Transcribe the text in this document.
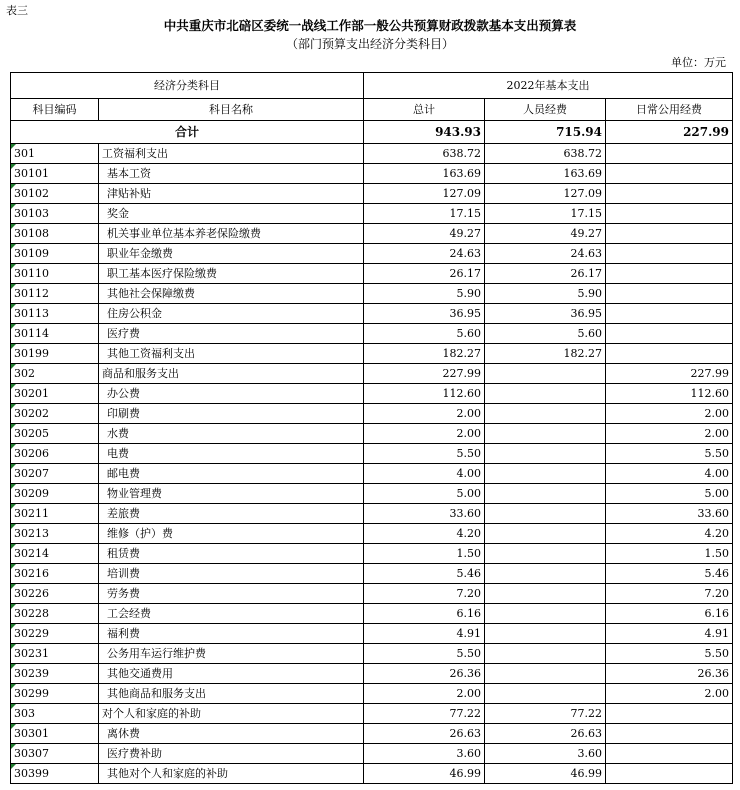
表三
中共重庆市北碚区委统一战线工作部一般公共预算财政拨款基本支出预算表
（部门预算支出经济分类科目）
单位：万元
经济分类科目		2022年基本支出		
科目编码	科目名称	总计	人员经费	日常公用经费
合计		943.93	715.94	227.99
301	工资福利支出	638.72	638.72	
30101	基本工资	163.69	163.69	
30102	津贴补贴	127.09	127.09	
30103	奖金	17.15	17.15	
30108	机关事业单位基本养老保险缴费	49.27	49.27	
30109	职业年金缴费	24.63	24.63	
30110	职工基本医疗保险缴费	26.17	26.17	
30112	其他社会保障缴费	5.90	5.90	
30113	住房公积金	36.95	36.95	
30114	医疗费	5.60	5.60	
30199	其他工资福利支出	182.27	182.27	
302	商品和服务支出	227.99		227.99
30201	办公费	112.60		112.60
30202	印刷费	2.00		2.00
30205	水费	2.00		2.00
30206	电费	5.50		5.50
30207	邮电费	4.00		4.00
30209	物业管理费	5.00		5.00
30211	差旅费	33.60		33.60
30213	维修（护）费	4.20		4.20
30214	租赁费	1.50		1.50
30216	培训费	5.46		5.46
30226	劳务费	7.20		7.20
30228	工会经费	6.16		6.16
30229	福利费	4.91		4.91
30231	公务用车运行维护费	5.50		5.50
30239	其他交通费用	26.36		26.36
30299	其他商品和服务支出	2.00		2.00
303	对个人和家庭的补助	77.22	77.22	
30301	离休费	26.63	26.63	
30307	医疗费补助	3.60	3.60	
30399	其他对个人和家庭的补助	46.99	46.99	
